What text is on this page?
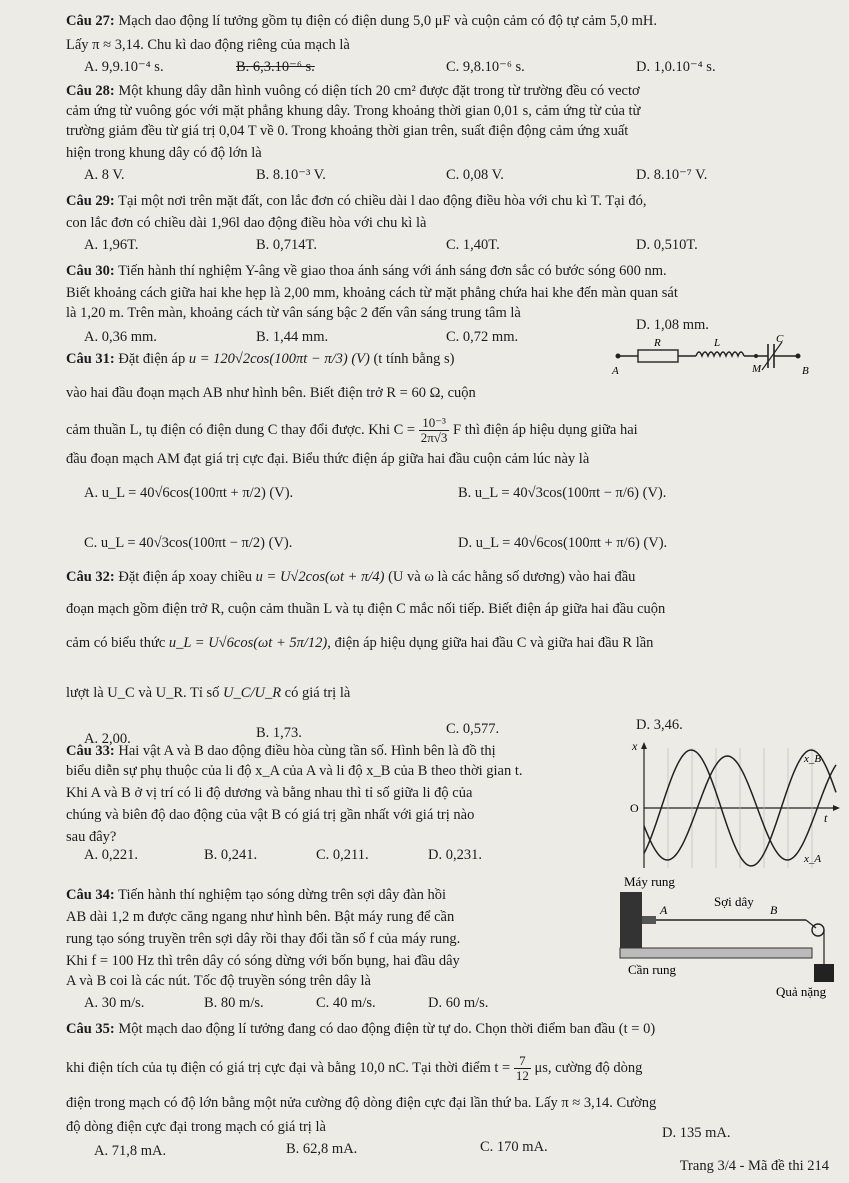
Câu 27: Mạch dao động lí tưởng gồm tụ điện có điện dung 5,0 μF và cuộn cảm có độ tự cảm 5,0 mH.
Lấy π ≈ 3,14. Chu kì dao động riêng của mạch là
A. 9,9.10⁻⁴ s.	B. 6,3.10⁻⁶ s.	C. 9,8.10⁻⁶ s.	D. 1,0.10⁻⁴ s.
Câu 28: Một khung dây dẫn hình vuông có diện tích 20 cm² được đặt trong từ trường đều có vectơ
cảm ứng từ vuông góc với mặt phẳng khung dây. Trong khoảng thời gian 0,01 s, cảm ứng từ của từ
trường giảm đều từ giá trị 0,04 T về 0. Trong khoảng thời gian trên, suất điện động cảm ứng xuất
hiện trong khung dây có độ lớn là
A. 8 V.	B. 8.10⁻³ V.	C. 0,08 V.	D. 8.10⁻⁷ V.
Câu 29: Tại một nơi trên mặt đất, con lắc đơn có chiều dài l dao động điều hòa với chu kì T. Tại đó,
con lắc đơn có chiều dài 1,96l dao động điều hòa với chu kì là
A. 1,96T.	B. 0,714T.	C. 1,40T.	D. 0,510T.
Câu 30: Tiến hành thí nghiệm Y-âng về giao thoa ánh sáng với ánh sáng đơn sắc có bước sóng 600 nm.
Biết khoảng cách giữa hai khe hẹp là 2,00 mm, khoảng cách từ mặt phẳng chứa hai khe đến màn quan sát
là 1,20 m. Trên màn, khoảng cách từ vân sáng bậc 2 đến vân sáng trung tâm là
A. 0,36 mm.	B. 1,44 mm.	C. 0,72 mm.
D. 1,08 mm.
Câu 31: Đặt điện áp u = 120√2cos(100πt − π/3) (V) (t tính bằng s)
vào hai đầu đoạn mạch AB như hình bên. Biết điện trở R = 60 Ω, cuộn
cảm thuần L, tụ điện có điện dung C thay đổi được. Khi $C = \frac{\text{10⁻³}}{2\pi√3}$ F thì điện áp hiệu dụng giữa hai
đầu đoạn mạch AM đạt giá trị cực đại. Biểu thức điện áp giữa hai đầu cuộn cảm lúc này là
A. u_L = 40√6cos(100πt + π/2) (V).	B. u_L = 40√3cos(100πt − π/6) (V).
C. u_L = 40√3cos(100πt − π/2) (V).	D. u_L = 40√6cos(100πt + π/6) (V).
A
R	L
M
C
B
Câu 32: Đặt điện áp xoay chiều u = U√2cos(ωt + π/4) (U và ω là các hằng số dương) vào hai đầu
đoạn mạch gồm điện trở R, cuộn cảm thuần L và tụ điện C mắc nối tiếp. Biết điện áp giữa hai đầu cuộn
cảm có biểu thức u_L = U√6cos(ωt + 5π/12), điện áp hiệu dụng giữa hai đầu C và giữa hai đầu R lần
lượt là U_C và U_R. Tỉ số U_C/U_R có giá trị là
A. 2,00.	B. 1,73.	C. 0,577.	D. 3,46.
Câu 33: Hai vật A và B dao động điều hòa cùng tần số. Hình bên là đồ thị
biểu diễn sự phụ thuộc của li độ x_A của A và li độ x_B của B theo thời gian t.
Khi A và B ở vị trí có li độ dương và bằng nhau thì tỉ số giữa li độ của
chúng và biên độ dao động của vật B có giá trị gần nhất với giá trị nào
sau đây?
A. 0,221.	B. 0,241.	C. 0,211.	D. 0,231.
x
x_B
x_A
O
t
Câu 34: Tiến hành thí nghiệm tạo sóng dừng trên sợi dây đàn hồi
AB dài 1,2 m được căng ngang như hình bên. Bật máy rung để cần
rung tạo sóng truyền trên sợi dây rồi thay đổi tần số f của máy rung.
Khi f = 100 Hz thì trên dây có sóng dừng với bốn bụng, hai đầu dây
A và B coi là các nút. Tốc độ truyền sóng trên dây là
A. 30 m/s.	B. 80 m/s.	C. 40 m/s.	D. 60 m/s.
Máy rung
Sợi dây
A	B
Cần rung
Quả nặng
Câu 35: Một mạch dao động lí tưởng đang có dao động điện từ tự do. Chọn thời điểm ban đầu (t = 0)
khi điện tích của tụ điện có giá trị cực đại và bằng 10,0 nC. Tại thời điểm $t = \frac{7}{12} \mu s$, cường độ dòng
điện trong mạch có độ lớn bằng một nửa cường độ dòng điện cực đại lần thứ ba. Lấy π ≈ 3,14. Cường
độ dòng điện cực đại trong mạch có giá trị là
A. 71,8 mA.	B. 62,8 mA.	C. 170 mA.
D. 135 mA.
Trang 3/4 - Mã đề thi 214
